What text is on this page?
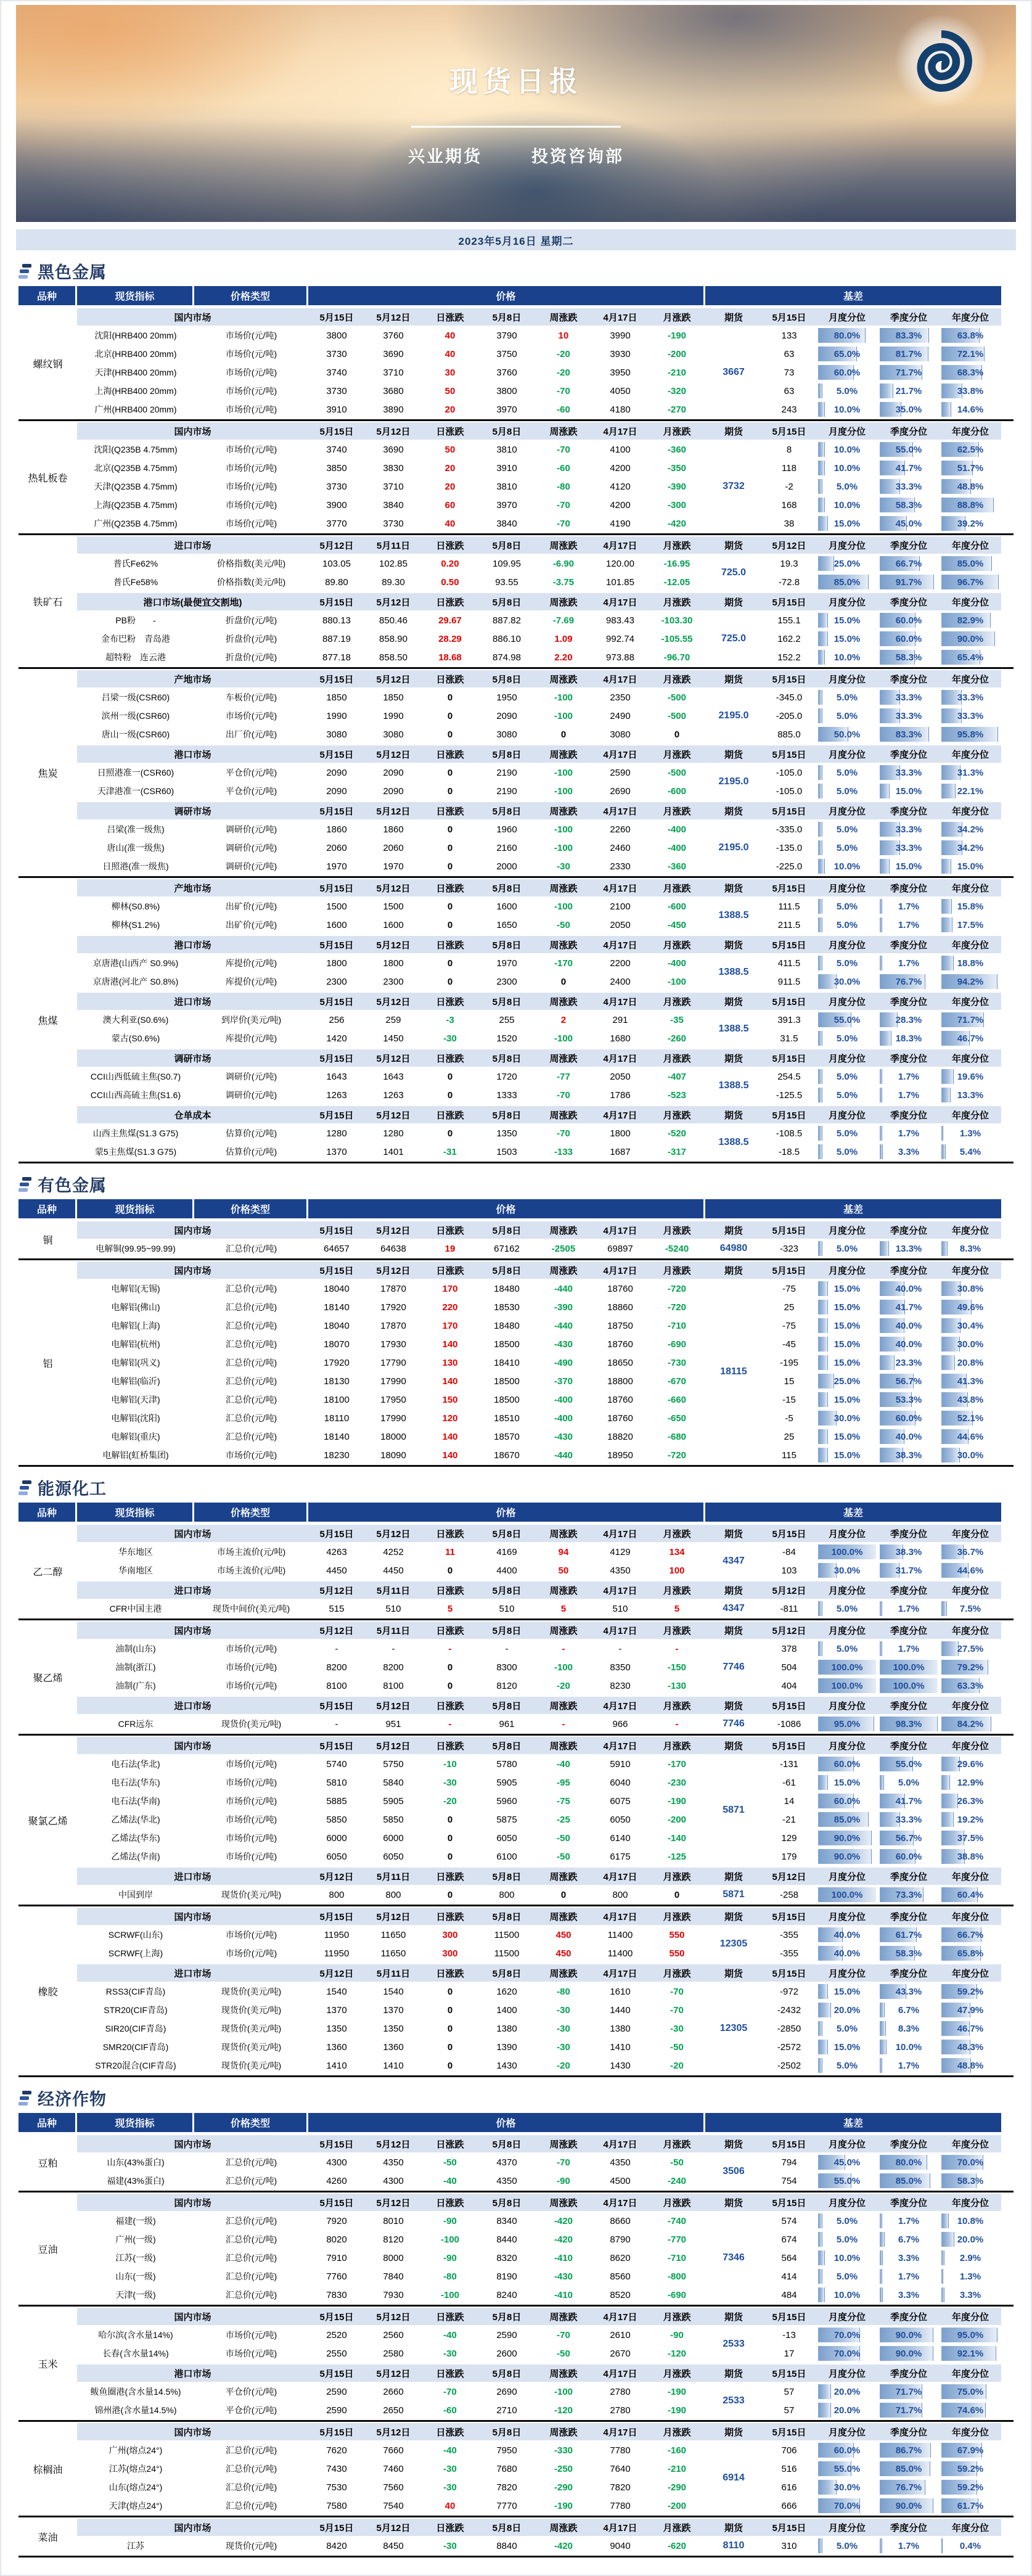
现货日报
兴业期货	投资咨询部
2023年5月16日 星期二
黑色金属
品种	现货指标	价格类型	价格	基差
螺纹钢
国内市场	5月15日	5月12日	日涨跌	5月8日	周涨跌	4月17日	月涨跌	期货	5月15日	月度分位	季度分位	年度分位
沈阳(HRB400 20mm)	市场价(元/吨)	3800	3760	40	3790	10	3990	-190	133	80.0%	83.3%	63.8%
北京(HRB400 20mm)	市场价(元/吨)	3730	3690	40	3750	-20	3930	-200	63	65.0%	81.7%	72.1%
天津(HRB400 20mm)	市场价(元/吨)	3740	3710	30	3760	-20	3950	-210	73	60.0%	71.7%	68.3%
上海(HRB400 20mm)	市场价(元/吨)	3730	3680	50	3800	-70	4050	-320	63	5.0%	21.7%	33.8%
广州(HRB400 20mm)	市场价(元/吨)	3910	3890	20	3970	-60	4180	-270	243	10.0%	35.0%	14.6%
3667
热轧板卷
国内市场	5月15日	5月12日	日涨跌	5月8日	周涨跌	4月17日	月涨跌	期货	5月15日	月度分位	季度分位	年度分位
沈阳(Q235B 4.75mm)	市场价(元/吨)	3740	3690	50	3810	-70	4100	-360	8	10.0%	55.0%	62.5%
北京(Q235B 4.75mm)	市场价(元/吨)	3850	3830	20	3910	-60	4200	-350	118	10.0%	41.7%	51.7%
天津(Q235B 4.75mm)	市场价(元/吨)	3730	3710	20	3810	-80	4120	-390	-2	5.0%	33.3%	48.8%
上海(Q235B 4.75mm)	市场价(元/吨)	3900	3840	60	3970	-70	4200	-300	168	10.0%	58.3%	88.8%
广州(Q235B 4.75mm)	市场价(元/吨)	3770	3730	40	3840	-70	4190	-420	38	15.0%	45.0%	39.2%
3732
铁矿石
进口市场	5月12日	5月11日	日涨跌	5月8日	周涨跌	4月17日	月涨跌	期货	5月12日	月度分位	季度分位	年度分位
普氏Fe62%	价格指数(美元/吨)	103.05	102.85	0.20	109.95	-6.90	120.00	-16.95	19.3	25.0%	66.7%	85.0%
普氏Fe58%	价格指数(美元/吨)	89.80	89.30	0.50	93.55	-3.75	101.85	-12.05	-72.8	85.0%	91.7%	96.7%
725.0
港口市场(最便宜交割地)	5月15日	5月12日	日涨跌	5月8日	周涨跌	4月17日	月涨跌	期货	5月15日	月度分位	季度分位	年度分位
PB粉　　-	折盘价(元/吨)	880.13	850.46	29.67	887.82	-7.69	983.43	-103.30	155.1	15.0%	60.0%	82.9%
金布巴粉　青岛港	折盘价(元/吨)	887.19	858.90	28.29	886.10	1.09	992.74	-105.55	162.2	15.0%	60.0%	90.0%
超特粉　连云港	折盘价(元/吨)	877.18	858.50	18.68	874.98	2.20	973.88	-96.70	152.2	10.0%	58.3%	65.4%
725.0
焦炭
产地市场	5月15日	5月12日	日涨跌	5月8日	周涨跌	4月17日	月涨跌	期货	5月15日	月度分位	季度分位	年度分位
吕梁一级(CSR60)	车板价(元/吨)	1850	1850	0	1950	-100	2350	-500	-345.0	5.0%	33.3%	33.3%
滨州一级(CSR60)	市场价(元/吨)	1990	1990	0	2090	-100	2490	-500	-205.0	5.0%	33.3%	33.3%
唐山一级(CSR60)	出厂价(元/吨)	3080	3080	0	3080	0	3080	0	885.0	50.0%	83.3%	95.8%
2195.0
港口市场	5月15日	5月12日	日涨跌	5月8日	周涨跌	4月17日	月涨跌	期货	5月15日	月度分位	季度分位	年度分位
日照港准一(CSR60)	平仓价(元/吨)	2090	2090	0	2190	-100	2590	-500	-105.0	5.0%	33.3%	31.3%
天津港准一(CSR60)	平仓价(元/吨)	2090	2090	0	2190	-100	2690	-600	-105.0	5.0%	15.0%	22.1%
2195.0
调研市场	5月15日	5月12日	日涨跌	5月8日	周涨跌	4月17日	月涨跌	期货	5月15日	月度分位	季度分位	年度分位
吕梁(准一级焦)	调研价(元/吨)	1860	1860	0	1960	-100	2260	-400	-335.0	5.0%	33.3%	34.2%
唐山(准一级焦)	调研价(元/吨)	2060	2060	0	2160	-100	2460	-400	-135.0	5.0%	33.3%	34.2%
日照港(准一级焦)	调研价(元/吨)	1970	1970	0	2000	-30	2330	-360	-225.0	10.0%	15.0%	15.0%
2195.0
焦煤
产地市场	5月15日	5月12日	日涨跌	5月8日	周涨跌	4月17日	月涨跌	期货	5月15日	月度分位	季度分位	年度分位
柳林(S0.8%)	出矿价(元/吨)	1500	1500	0	1600	-100	2100	-600	111.5	5.0%	1.7%	15.8%
柳林(S1.2%)	出矿价(元/吨)	1600	1600	0	1650	-50	2050	-450	211.5	5.0%	1.7%	17.5%
1388.5
港口市场	5月15日	5月12日	日涨跌	5月8日	周涨跌	4月17日	月涨跌	期货	5月15日	月度分位	季度分位	年度分位
京唐港(山西产 S0.9%)	库提价(元/吨)	1800	1800	0	1970	-170	2200	-400	411.5	5.0%	1.7%	18.8%
京唐港(河北产 S0.8%)	库提价(元/吨)	2300	2300	0	2300	0	2400	-100	911.5	30.0%	76.7%	94.2%
1388.5
进口市场	5月15日	5月12日	日涨跌	5月8日	周涨跌	4月17日	月涨跌	期货	5月15日	月度分位	季度分位	年度分位
澳大利亚(S0.6%)	到岸价(美元/吨)	256	259	-3	255	2	291	-35	391.3	55.0%	28.3%	71.7%
蒙古(S0.6%)	库提价(元/吨)	1420	1450	-30	1520	-100	1680	-260	31.5	5.0%	18.3%	46.7%
1388.5
调研市场	5月15日	5月12日	日涨跌	5月8日	周涨跌	4月17日	月涨跌	期货	5月15日	月度分位	季度分位	年度分位
CCI山西低硫主焦(S0.7)	调研价(元/吨)	1643	1643	0	1720	-77	2050	-407	254.5	5.0%	1.7%	19.6%
CCI山西高硫主焦(S1.6)	调研价(元/吨)	1263	1263	0	1333	-70	1786	-523	-125.5	5.0%	1.7%	13.3%
1388.5
仓单成本	5月15日	5月12日	日涨跌	5月8日	周涨跌	4月17日	月涨跌	期货	5月15日	月度分位	季度分位	年度分位
山西主焦煤(S1.3 G75)	估算价(元/吨)	1280	1280	0	1350	-70	1800	-520	-108.5	5.0%	1.7%	1.3%
蒙5主焦煤(S1.3 G75)	估算价(元/吨)	1370	1401	-31	1503	-133	1687	-317	-18.5	5.0%	3.3%	5.4%
1388.5
有色金属
品种	现货指标	价格类型	价格	基差
铜
国内市场	5月15日	5月12日	日涨跌	5月8日	周涨跌	4月17日	月涨跌	期货	5月15日	月度分位	季度分位	年度分位
电解铜(99.95~99.99)	汇总价(元/吨)	64657	64638	19	67162	-2505	69897	-5240	-323	5.0%	13.3%	8.3%
64980
铝
国内市场	5月15日	5月12日	日涨跌	5月8日	周涨跌	4月17日	月涨跌	期货	5月15日	月度分位	季度分位	年度分位
电解铝(无锡)	汇总价(元/吨)	18040	17870	170	18480	-440	18760	-720	-75	15.0%	40.0%	30.8%
电解铝(佛山)	汇总价(元/吨)	18140	17920	220	18530	-390	18860	-720	25	15.0%	41.7%	49.6%
电解铝(上海)	汇总价(元/吨)	18040	17870	170	18480	-440	18750	-710	-75	15.0%	40.0%	30.4%
电解铝(杭州)	汇总价(元/吨)	18070	17930	140	18500	-430	18760	-690	-45	15.0%	40.0%	30.0%
电解铝(巩义)	汇总价(元/吨)	17920	17790	130	18410	-490	18650	-730	-195	15.0%	23.3%	20.8%
电解铝(临沂)	汇总价(元/吨)	18130	17990	140	18500	-370	18800	-670	15	25.0%	56.7%	41.3%
电解铝(天津)	汇总价(元/吨)	18100	17950	150	18500	-400	18760	-660	-15	15.0%	53.3%	43.8%
电解铝(沈阳)	汇总价(元/吨)	18110	17990	120	18510	-400	18760	-650	-5	30.0%	60.0%	52.1%
电解铝(重庆)	汇总价(元/吨)	18140	18000	140	18570	-430	18820	-680	25	15.0%	40.0%	44.6%
电解铝(虹桥集团)	市场价(元/吨)	18230	18090	140	18670	-440	18950	-720	115	15.0%	38.3%	30.0%
18115
能源化工
品种	现货指标	价格类型	价格	基差
乙二醇
国内市场	5月15日	5月12日	日涨跌	5月8日	周涨跌	4月17日	月涨跌	期货	5月15日	月度分位	季度分位	年度分位
华东地区	市场主流价(元/吨)	4263	4252	11	4169	94	4129	134	-84	100.0%	38.3%	36.7%
华南地区	市场主流价(元/吨)	4450	4450	0	4400	50	4350	100	103	30.0%	31.7%	44.6%
4347
进口市场	5月12日	5月11日	日涨跌	5月8日	周涨跌	4月17日	月涨跌	期货	5月12日	月度分位	季度分位	年度分位
CFR中国主港	现货中间价(美元/吨)	515	510	5	510	5	510	5	-811	5.0%	1.7%	7.5%
4347
聚乙烯
国内市场	5月12日	5月11日	日涨跌	5月8日	周涨跌	4月17日	月涨跌	期货	5月12日	月度分位	季度分位	年度分位
油制(山东)	市场价(元/吨)	-	-	-	-	-	-	-	378	5.0%	1.7%	27.5%
油制(浙江)	市场价(元/吨)	8200	8200	0	8300	-100	8350	-150	504	100.0%	100.0%	79.2%
油制(广东)	市场价(元/吨)	8100	8100	0	8120	-20	8230	-130	404	100.0%	100.0%	63.3%
7746
进口市场	5月15日	5月12日	日涨跌	5月8日	周涨跌	4月17日	月涨跌	期货	5月15日	月度分位	季度分位	年度分位
CFR远东	现货价(美元/吨)	-	951	-	961	-	966	-	-1086	95.0%	98.3%	84.2%
7746
聚氯乙烯
国内市场	5月15日	5月12日	日涨跌	5月8日	周涨跌	4月17日	月涨跌	期货	5月15日	月度分位	季度分位	年度分位
电石法(华北)	市场价(元/吨)	5740	5750	-10	5780	-40	5910	-170	-131	60.0%	55.0%	29.6%
电石法(华东)	市场价(元/吨)	5810	5840	-30	5905	-95	6040	-230	-61	15.0%	5.0%	12.9%
电石法(华南)	市场价(元/吨)	5885	5905	-20	5960	-75	6075	-190	14	60.0%	41.7%	26.3%
乙烯法(华北)	市场价(元/吨)	5850	5850	0	5875	-25	6050	-200	-21	85.0%	33.3%	19.2%
乙烯法(华东)	市场价(元/吨)	6000	6000	0	6050	-50	6140	-140	129	90.0%	56.7%	37.5%
乙烯法(华南)	市场价(元/吨)	6050	6050	0	6100	-50	6175	-125	179	90.0%	60.0%	38.8%
5871
进口市场	5月12日	5月11日	日涨跌	5月8日	周涨跌	4月17日	月涨跌	期货	5月12日	月度分位	季度分位	年度分位
中国到岸	现货价(美元/吨)	800	800	0	800	0	800	0	-258	100.0%	73.3%	60.4%
5871
橡胶
国内市场	5月15日	5月12日	日涨跌	5月8日	周涨跌	4月17日	月涨跌	期货	5月15日	月度分位	季度分位	年度分位
SCRWF(山东)	市场价(元/吨)	11950	11650	300	11500	450	11400	550	-355	40.0%	61.7%	66.7%
SCRWF(上海)	市场价(元/吨)	11950	11650	300	11500	450	11400	550	-355	40.0%	58.3%	65.8%
12305
进口市场	5月12日	5月11日	日涨跌	5月8日	周涨跌	4月17日	月涨跌	期货	5月15日	月度分位	季度分位	年度分位
RSS3(CIF青岛)	现货价(美元/吨)	1540	1540	0	1620	-80	1610	-70	-972	15.0%	43.3%	59.2%
STR20(CIF青岛)	现货价(美元/吨)	1370	1370	0	1400	-30	1440	-70	-2432	20.0%	6.7%	47.9%
SIR20(CIF青岛)	现货价(美元/吨)	1350	1350	0	1380	-30	1380	-30	-2850	5.0%	8.3%	46.7%
SMR20(CIF青岛)	现货价(美元/吨)	1360	1360	0	1390	-30	1410	-50	-2572	15.0%	10.0%	48.3%
STR20混合(CIF青岛)	现货价(美元/吨)	1410	1410	0	1430	-20	1430	-20	-2502	5.0%	1.7%	48.8%
12305
经济作物
品种	现货指标	价格类型	价格	基差
豆粕
国内市场	5月15日	5月12日	日涨跌	5月8日	周涨跌	4月17日	月涨跌	期货	5月15日	月度分位	季度分位	年度分位
山东(43%蛋白)	汇总价(元/吨)	4300	4350	-50	4370	-70	4350	-50	794	45.0%	80.0%	70.0%
福建(43%蛋白)	汇总价(元/吨)	4260	4300	-40	4350	-90	4500	-240	754	55.0%	85.0%	58.3%
3506
豆油
国内市场	5月15日	5月12日	日涨跌	5月8日	周涨跌	4月17日	月涨跌	期货	5月15日	月度分位	季度分位	年度分位
福建(一级)	汇总价(元/吨)	7920	8010	-90	8340	-420	8660	-740	574	5.0%	1.7%	10.8%
广州(一级)	汇总价(元/吨)	8020	8120	-100	8440	-420	8790	-770	674	5.0%	6.7%	20.0%
江苏(一级)	汇总价(元/吨)	7910	8000	-90	8320	-410	8620	-710	564	10.0%	3.3%	2.9%
山东(一级)	汇总价(元/吨)	7760	7840	-80	8190	-430	8560	-800	414	5.0%	1.7%	1.3%
天津(一级)	汇总价(元/吨)	7830	7930	-100	8240	-410	8520	-690	484	10.0%	3.3%	3.3%
7346
玉米
国内市场	5月15日	5月12日	日涨跌	5月8日	周涨跌	4月17日	月涨跌	期货	5月15日	月度分位	季度分位	年度分位
哈尔滨(含水量14%)	市场价(元/吨)	2520	2560	-40	2590	-70	2610	-90	-13	70.0%	90.0%	95.0%
长春(含水量14%)	市场价(元/吨)	2550	2580	-30	2600	-50	2670	-120	17	70.0%	90.0%	92.1%
2533
港口市场	5月15日	5月12日	日涨跌	5月8日	周涨跌	4月17日	月涨跌	期货	5月15日	月度分位	季度分位	年度分位
鲅鱼圈港(含水量14.5%)	平仓价(元/吨)	2590	2660	-70	2690	-100	2780	-190	57	20.0%	71.7%	75.0%
锦州港(含水量14.5%)	平仓价(元/吨)	2590	2650	-60	2710	-120	2780	-190	57	20.0%	71.7%	74.6%
2533
棕榈油
国内市场	5月15日	5月12日	日涨跌	5月8日	周涨跌	4月17日	月涨跌	期货	5月15日	月度分位	季度分位	年度分位
广州(熔点24°)	汇总价(元/吨)	7620	7660	-40	7950	-330	7780	-160	706	60.0%	86.7%	67.9%
江苏(熔点24°)	汇总价(元/吨)	7430	7460	-30	7680	-250	7640	-210	516	55.0%	85.0%	59.2%
山东(熔点24°)	汇总价(元/吨)	7530	7560	-30	7820	-290	7820	-290	616	30.0%	76.7%	59.2%
天津(熔点24°)	汇总价(元/吨)	7580	7540	40	7770	-190	7780	-200	666	70.0%	90.0%	61.7%
6914
菜油
国内市场	5月15日	5月12日	日涨跌	5月8日	周涨跌	4月17日	月涨跌	期货	5月15日	月度分位	季度分位	年度分位
江苏	现货价(元/吨)	8420	8450	-30	8840	-420	9040	-620	310	5.0%	1.7%	0.4%
8110
